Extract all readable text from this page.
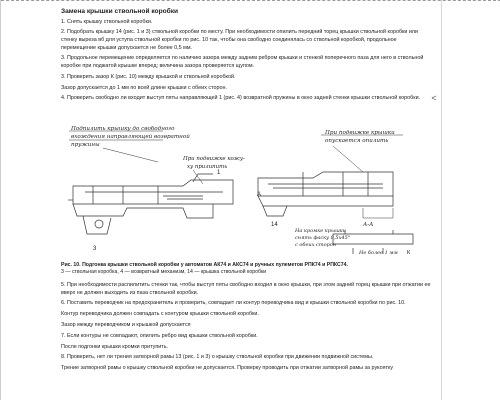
<
Замена крышки ствольной коробки
1. Снять крышку ствольной коробки.
2. Подобрать крышку 14 (рис. 1 и 3) ствольной коробки по месту. При необходимости опилить передний торец крышки ствольной коробки или стенку выреза вб для уступа ствольной коробки по рис. 10 так, чтобы она свободно соединялась со ствольной коробкой, продольное перемещение крышки допускается не более 0,5 мм.
3. Продольное перемещение определяется по наличию зазора между задним ребром крышки и стенкой поперечного паза для него в ствольной коробке при поджатой крышке вперед; величина зазора проверяется щупом.
3. Проверить зазор К (рис. 10) между крышкой и ствольной коробкой.
Зазор допускается до 1 мм по всей длине крышки с обеих сторон.
4. Проверить свободно ли входит выступ пяты направляющей 1 (рис. 4) возвратной пружины в окно задней стенки крышки ствольной коробки.
Подпилить крышку до свободного
вхождения направляющей возвратной
пружины
При подвижке кожу-
ху прилипить
3
1
При подвижке крышки
опускается опилить
А
14	А-А
На кромке крышки
снять фаску 0,5х45°
с обеих сторон
Не более 1 мм К
Рис. 10. Подгонка крышки ствольной коробки у автоматов АК74 и АКС74 и ручных пулеметов РПК74 и РПКС74.
3 — ствольная коробка, 4 — возвратный механизм, 14 — крышка ствольной коробки
5. При необходимости распилитить стенки так, чтобы выступ пяты свободно входил в окно крышки, при этом задний торец крышки при отжатии ее вверх не должен выходить из паза ствольной коробки.
6. Поставить переводчик на предохранитель и проверить, совпадает ли контур переводчика вид и крышки ствольной коробки по рис. 10.
Контур переводчика должен совпадать с контуром крышки ствольной коробки.
Зазор между переводчиком и крышкой допускается
7. Если контуры не совпадают, опилить ребро вид крышки ствольной коробки.
После подгонки крышки кромки притупить.
8. Проверить, нет ли трения затворной рамы 13 (рис. 1 и 3) о крышку ствольной коробки при движении подвижной системы.
Трение затворной рамы о крышку ствольной коробки не допускается. Проверку проводить при отжатии затворной рамы за рукоятку
